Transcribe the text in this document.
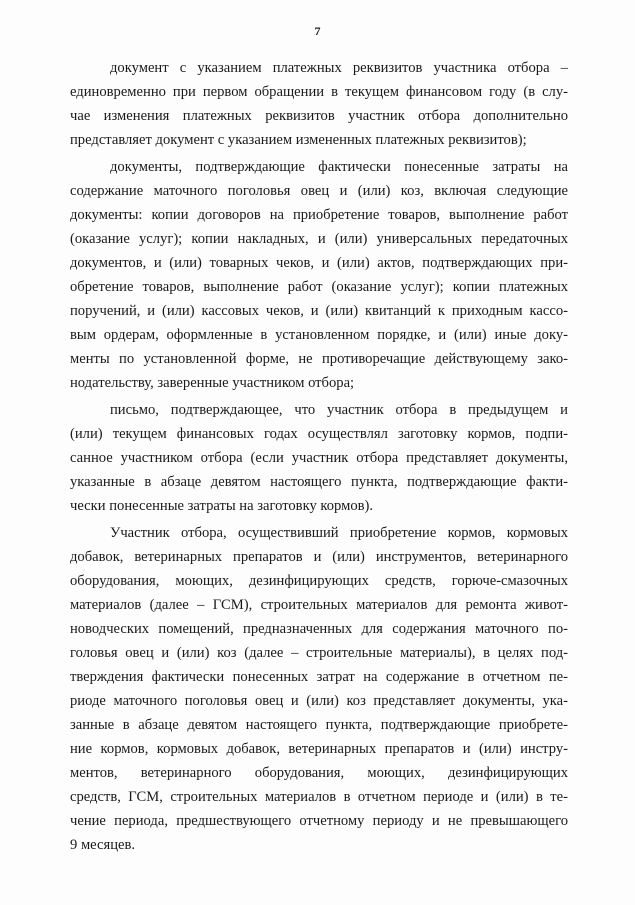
7

документ с указанием платежных реквизитов участника отбора –
единовременно при первом обращении в текущем финансовом году (в слу-
чае изменения платежных реквизитов участник отбора дополнительно
представляет документ с указанием измененных платежных реквизитов);

документы, подтверждающие фактически понесенные затраты на
содержание маточного поголовья овец и (или) коз, включая следующие
документы: копии договоров на приобретение товаров, выполнение работ
(оказание услуг); копии накладных, и (или) универсальных передаточных
документов, и (или) товарных чеков, и (или) актов, подтверждающих при-
обретение товаров, выполнение работ (оказание услуг); копии платежных
поручений, и (или) кассовых чеков, и (или) квитанций к приходным кассо-
вым ордерам, оформленные в установленном порядке, и (или) иные доку-
менты по установленной форме, не противоречащие действующему зако-
нодательству, заверенные участником отбора;

письмо, подтверждающее, что участник отбора в предыдущем и
(или) текущем финансовых годах осуществлял заготовку кормов, подпи-
санное участником отбора (если участник отбора представляет документы,
указанные в абзаце девятом настоящего пункта, подтверждающие факти-
чески понесенные затраты на заготовку кормов).

Участник отбора, осуществивший приобретение кормов, кормовых
добавок, ветеринарных препаратов и (или) инструментов, ветеринарного
оборудования, моющих, дезинфицирующих средств, горюче-смазочных
материалов (далее – ГСМ), строительных материалов для ремонта живот-
новодческих помещений, предназначенных для содержания маточного по-
головья овец и (или) коз (далее – строительные материалы), в целях под-
тверждения фактически понесенных затрат на содержание в отчетном пе-
риоде маточного поголовья овец и (или) коз представляет документы, ука-
занные в абзаце девятом настоящего пункта, подтверждающие приобрете-
ние кормов, кормовых добавок, ветеринарных препаратов и (или) инстру-
ментов, ветеринарного оборудования, моющих, дезинфицирующих
средств, ГСМ, строительных материалов в отчетном периоде и (или) в те-
чение периода, предшествующего отчетному периоду и не превышающего
9 месяцев.
